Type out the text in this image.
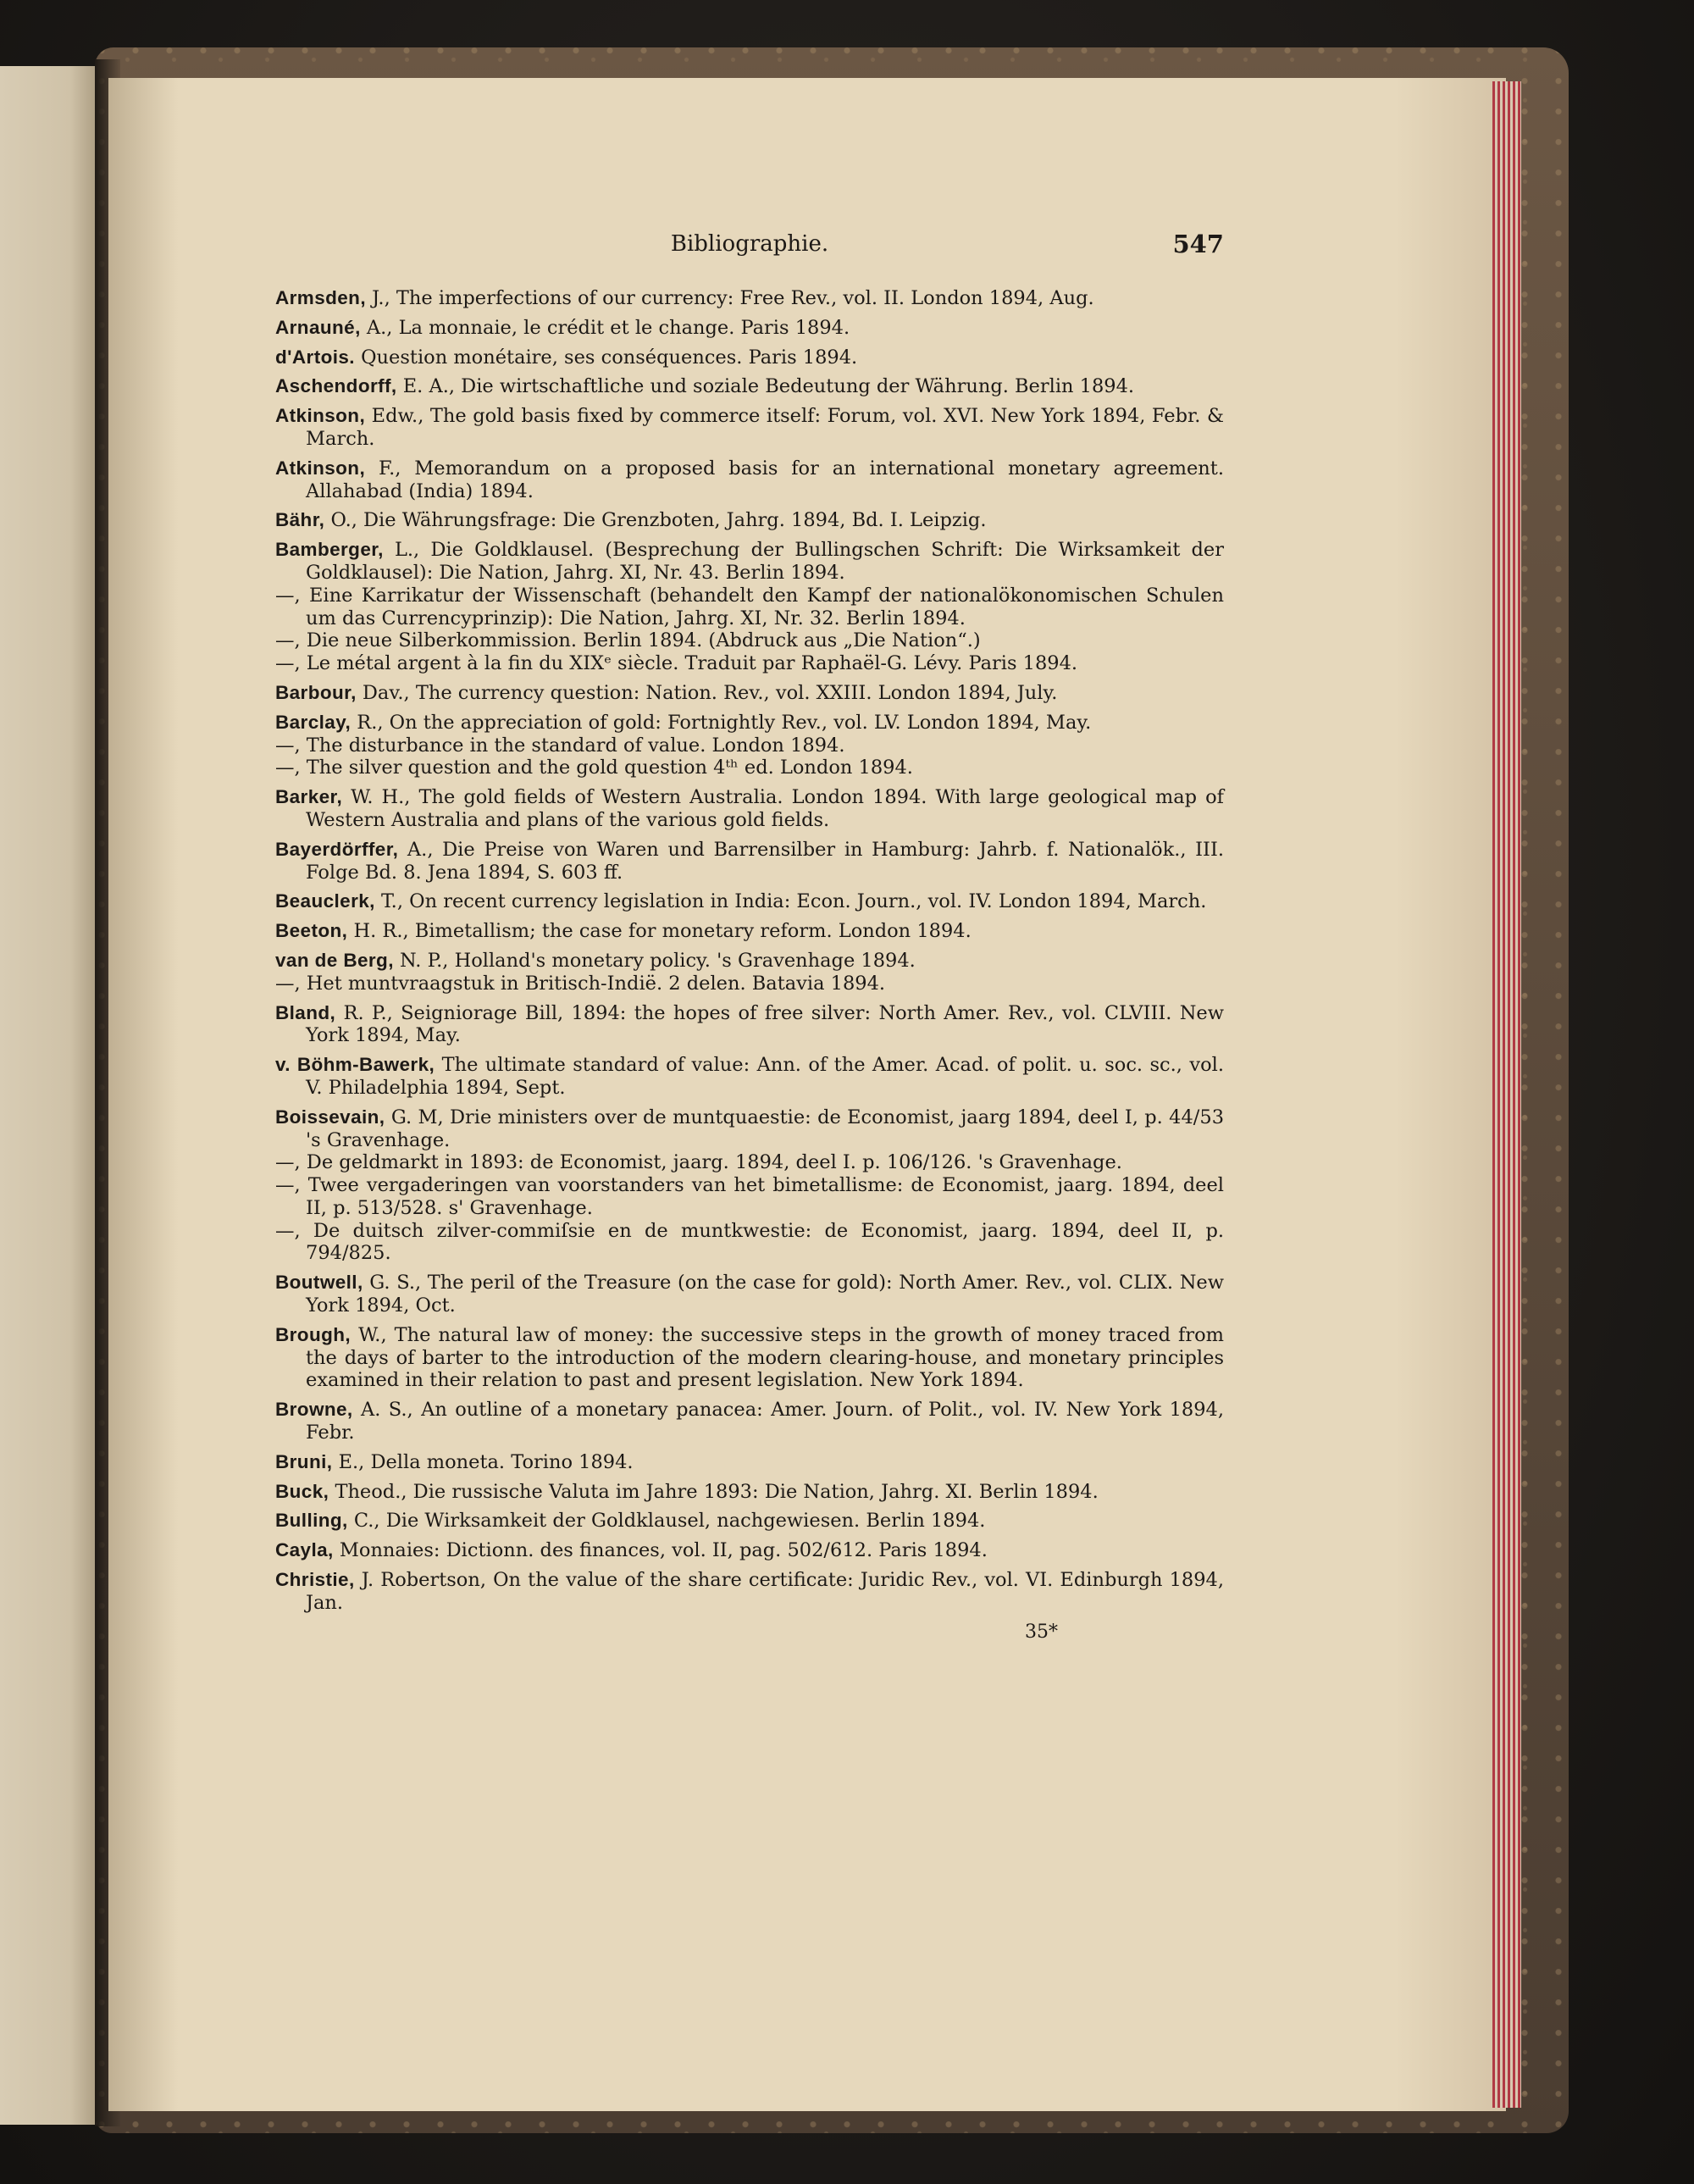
Bibliographie.	547
Armsden, J., The imperfections of our currency: Free Rev., vol. II. London 1894, Aug.
Arnauné, A., La monnaie, le crédit et le change. Paris 1894.
d'Artois. Question monétaire, ses conséquences. Paris 1894.
Aschendorff, E. A., Die wirtschaftliche und soziale Bedeutung der Währung. Berlin 1894.
Atkinson, Edw., The gold basis fixed by commerce itself: Forum, vol. XVI. New York 1894, Febr. & March.
Atkinson, F., Memorandum on a proposed basis for an international monetary agreement. Allahabad (India) 1894.
Bähr, O., Die Währungsfrage: Die Grenzboten, Jahrg. 1894, Bd. I. Leipzig.
Bamberger, L., Die Goldklausel. (Besprechung der Bullingschen Schrift: Die Wirksamkeit der Goldklausel): Die Nation, Jahrg. XI, Nr. 43. Berlin 1894.
—, Eine Karrikatur der Wissenschaft (behandelt den Kampf der nationalökonomischen Schulen um das Currencyprinzip): Die Nation, Jahrg. XI, Nr. 32. Berlin 1894.
—, Die neue Silberkommission. Berlin 1894. (Abdruck aus „Die Nation“.)
—, Le métal argent à la fin du XIXᵉ siècle. Traduit par Raphaël-G. Lévy. Paris 1894.
Barbour, Dav., The currency question: Nation. Rev., vol. XXIII. London 1894, July.
Barclay, R., On the appreciation of gold: Fortnightly Rev., vol. LV. London 1894, May.
—, The disturbance in the standard of value. London 1894.
—, The silver question and the gold question 4ᵗʰ ed. London 1894.
Barker, W. H., The gold fields of Western Australia. London 1894. With large geological map of Western Australia and plans of the various gold fields.
Bayerdörffer, A., Die Preise von Waren und Barrensilber in Hamburg: Jahrb. f. Nationalök., III. Folge Bd. 8. Jena 1894, S. 603 ff.
Beauclerk, T., On recent currency legislation in India: Econ. Journ., vol. IV. London 1894, March.
Beeton, H. R., Bimetallism; the case for monetary reform. London 1894.
van de Berg, N. P., Holland's monetary policy. 's Gravenhage 1894.
—, Het muntvraagstuk in Britisch-Indië. 2 delen. Batavia 1894.
Bland, R. P., Seigniorage Bill, 1894: the hopes of free silver: North Amer. Rev., vol. CLVIII. New York 1894, May.
v. Böhm-Bawerk, The ultimate standard of value: Ann. of the Amer. Acad. of polit. u. soc. sc., vol. V. Philadelphia 1894, Sept.
Boissevain, G. M, Drie ministers over de muntquaestie: de Economist, jaarg 1894, deel I, p. 44/53 's Gravenhage.
—, De geldmarkt in 1893: de Economist, jaarg. 1894, deel I. p. 106/126. 's Gravenhage.
—, Twee vergaderingen van voorstanders van het bimetallisme: de Economist, jaarg. 1894, deel II, p. 513/528. s' Gravenhage.
—, De duitsch zilver-commiſsie en de muntkwestie: de Economist, jaarg. 1894, deel II, p. 794/825.
Boutwell, G. S., The peril of the Treasure (on the case for gold): North Amer. Rev., vol. CLIX. New York 1894, Oct.
Brough, W., The natural law of money: the successive steps in the growth of money traced from the days of barter to the introduction of the modern clearing-house, and monetary principles examined in their relation to past and present legislation. New York 1894.
Browne, A. S., An outline of a monetary panacea: Amer. Journ. of Polit., vol. IV. New York 1894, Febr.
Bruni, E., Della moneta. Torino 1894.
Buck, Theod., Die russische Valuta im Jahre 1893: Die Nation, Jahrg. XI. Berlin 1894.
Bulling, C., Die Wirksamkeit der Goldklausel, nachgewiesen. Berlin 1894.
Cayla, Monnaies: Dictionn. des finances, vol. II, pag. 502/612. Paris 1894.
Christie, J. Robertson, On the value of the share certificate: Juridic Rev., vol. VI. Edinburgh 1894, Jan.
35*
